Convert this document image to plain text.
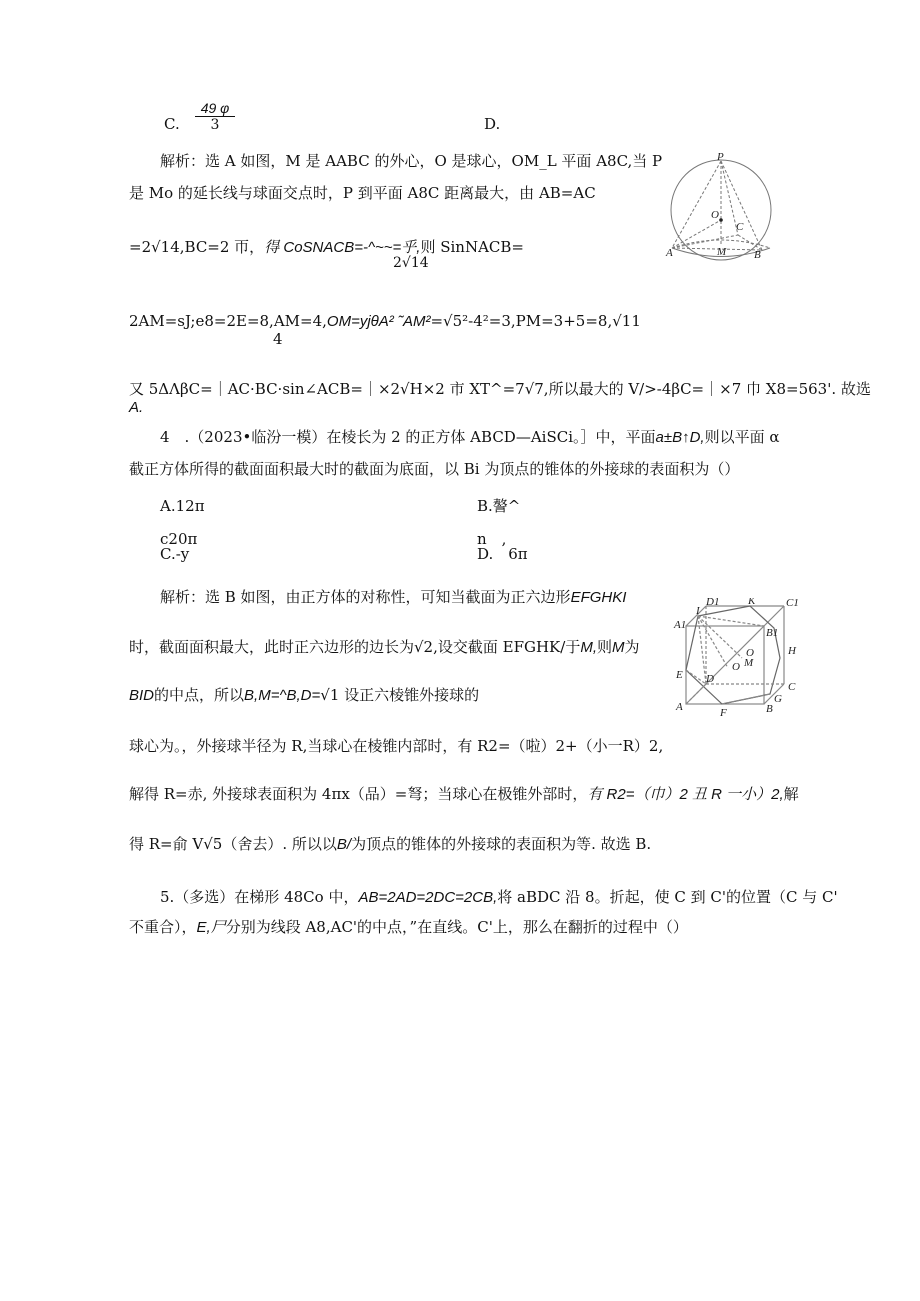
C. $\frac{49 \varphi}{3}$	D.
解析：选 A 如图，M 是 AABC 的外心，O 是球心，OM_L 平面 A8C,当 P
是 Mo 的延长线与球面交点时，P 到平面 A8C 距离最大，由 AB=AC
=2√14,BC=2 帀，得 CoSNACB=-^~~=乎,则 SinNACB=
2√14
2AM=sJ;e8=2E=8,AM=4,OM=yjθA² ˜AM²=√5²-4²=3,PM=3+5=8,√11
4
又 5ΔΛβC=｜AC·BC·sin∠ACB=｜×2√H×2 市 XT^=7√7,所以最大的 V/>-4βC=｜×7 巾 X8=563'. 故选
A.
P
O
C
A	M	B
4　.（2023•临汾一模）在棱长为 2 的正方体 ABCD—AiSCi。］中，平面a±B↑D,则以平面 α
截正方体所得的截面面积最大时的截面为底面，以 Bi 为顶点的锥体的外接球的表面积为（）
A.12π	B.謷^
c20π
C.-y
n　,
D.　6π
解析：选 B 如图，由正方体的对称性，可知当截面为正六边形EFGHKI
时，截面面积最大，此时正六边形的边长为√2,设交截面 EFGHK/于M,则M为
BID的中点，所以B,M=^B,D=√1 设正六棱锥外接球的
球心为。，外接球半径为 R,当球心在棱锥内部时，有 R2=（啦）2+（小一R）2,
解得 R=赤, 外接球表面积为 4πx（品）=弩；当球心在极锥外部时，有 R2=（巾）2 丑 R 一小）2,解
得 R=俞 V√5（舍去）. 所以以B/为顶点的锥体的外接球的表面积为等. 故选 B.
D1	K	C1
I
A1
B1
H
O
M
O
E D
C
G
A	F	B
5.（多选）在梯形 48Co 中，AB=2AD=2DC=2CB,将 aBDC 沿 8。折起，使 C 到 C'的位置（C 与 C'
不重合），E,尸分别为线段 A8,AC'的中点，”在直线。C'上，那么在翻折的过程中（）
